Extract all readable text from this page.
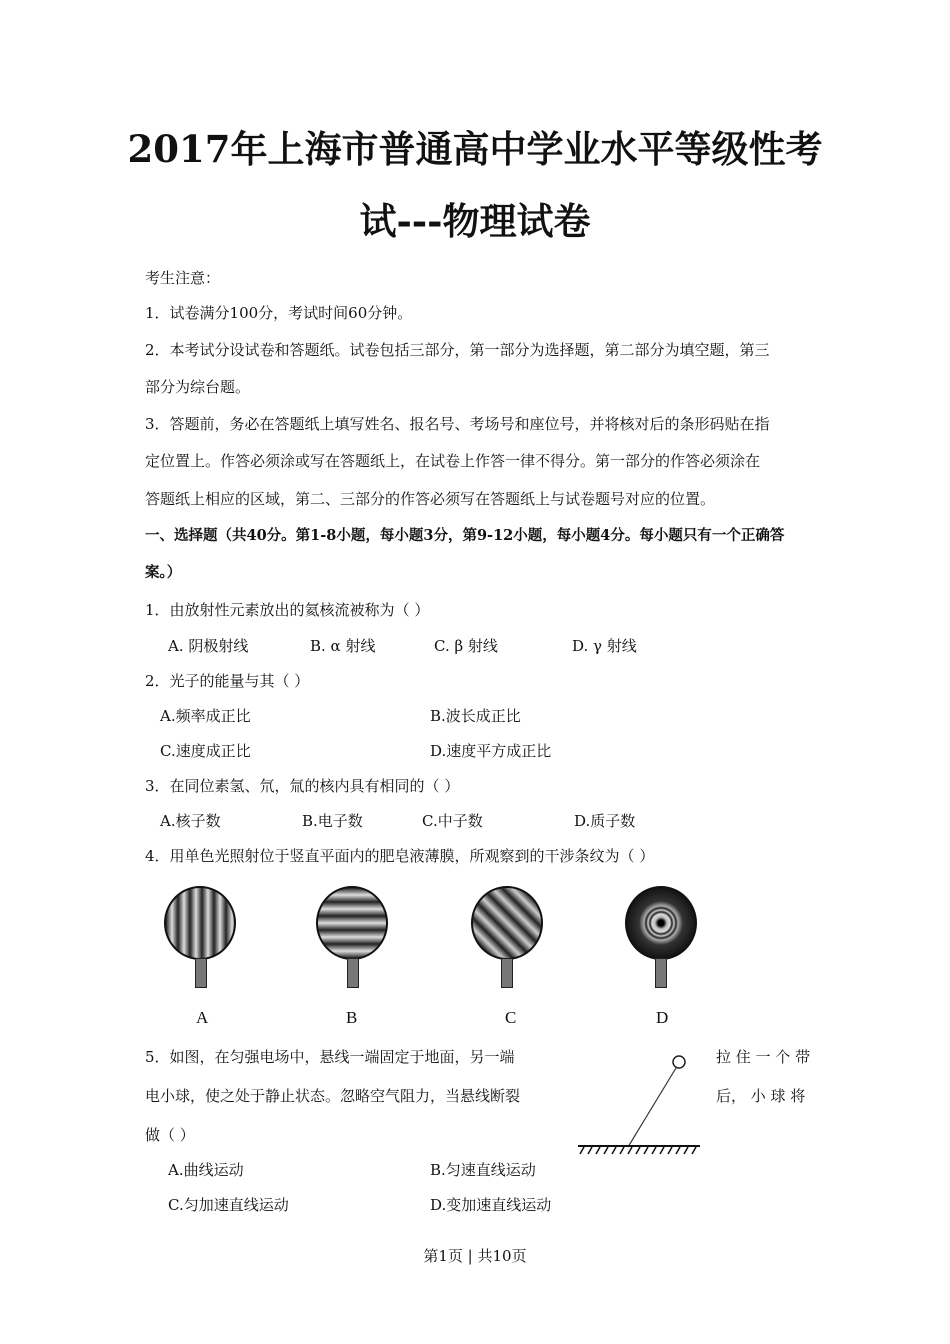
2017年上海市普通高中学业水平等级性考
试---物理试卷
考生注意：
1．试卷满分100分，考试时间60分钟。
2．本考试分设试卷和答题纸。试卷包括三部分，第一部分为选择题，第二部分为填空题，第三
部分为综台题。
3．答题前，务必在答题纸上填写姓名、报名号、考场号和座位号，并将核对后的条形码贴在指
定位置上。作答必须涂或写在答题纸上，在试卷上作答一律不得分。第一部分的作答必须涂在
答题纸上相应的区域，第二、三部分的作答必须写在答题纸上与试卷题号对应的位置。
一、选择题（共40分。第1-8小题，每小题3分，第9-12小题，每小题4分。每小题只有一个正确答
案。）
1．由放射性元素放出的氦核流被称为（ ）
A. 阴极射线	B. α 射线	C. β 射线	D. γ 射线
2．光子的能量与其（ ）
A.频率成正比	B.波长成正比
C.速度成正比	D.速度平方成正比
3．在同位素氢、氘，氚的核内具有相同的（ ）
A.核子数	B.电子数	C.中子数	D.质子数
4．用单色光照射位于竖直平面内的肥皂液薄膜，所观察到的干涉条纹为（ ）
A	B	C	D
5．如图，在匀强电场中，悬线一端固定于地面，另一端
电小球，使之处于静止状态。忽略空气阻力，当悬线断裂
做（ ）
拉 住 一 个 带
后， 小 球 将
A.曲线运动	B.匀速直线运动
C.匀加速直线运动	D.变加速直线运动
第1页 | 共10页
